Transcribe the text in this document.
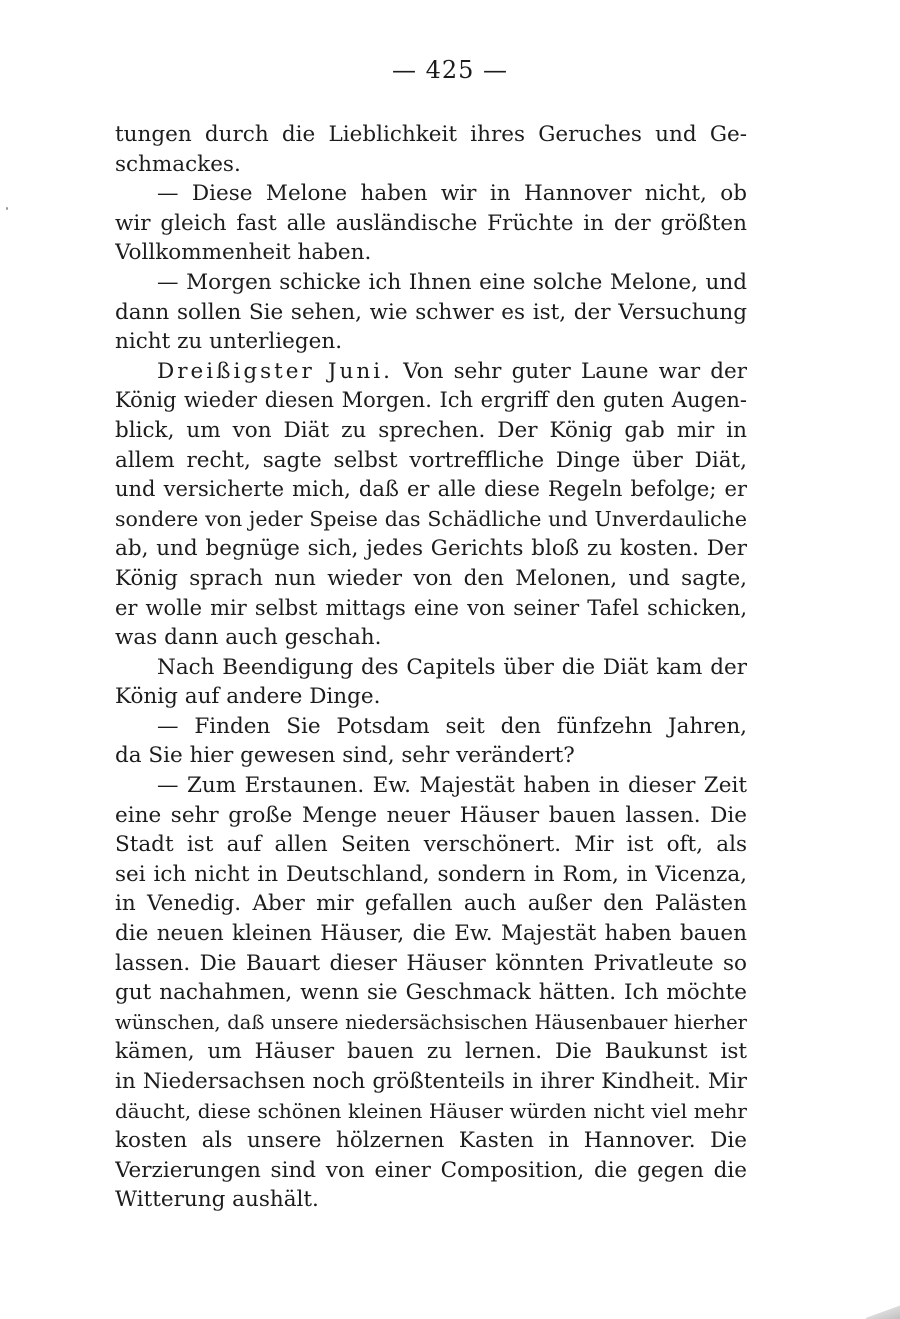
— 425 —
tungen durch die Lieblichkeit ihres Geruches und Ge-
schmackes.
— Diese Melone haben wir in Hannover nicht, ob
wir gleich fast alle ausländische Früchte in der größten
Vollkommenheit haben.
— Morgen schicke ich Ihnen eine solche Melone, und
dann sollen Sie sehen, wie schwer es ist, der Versuchung
nicht zu unterliegen.
Dreißigster Juni. Von sehr guter Laune war der
König wieder diesen Morgen. Ich ergriff den guten Augen-
blick, um von Diät zu sprechen. Der König gab mir in
allem recht, sagte selbst vortreffliche Dinge über Diät,
und versicherte mich, daß er alle diese Regeln befolge; er
sondere von jeder Speise das Schädliche und Unverdauliche
ab, und begnüge sich, jedes Gerichts bloß zu kosten. Der
König sprach nun wieder von den Melonen, und sagte,
er wolle mir selbst mittags eine von seiner Tafel schicken,
was dann auch geschah.
Nach Beendigung des Capitels über die Diät kam der
König auf andere Dinge.
— Finden Sie Potsdam seit den fünfzehn Jahren,
da Sie hier gewesen sind, sehr verändert?
— Zum Erstaunen. Ew. Majestät haben in dieser Zeit
eine sehr große Menge neuer Häuser bauen lassen. Die
Stadt ist auf allen Seiten verschönert. Mir ist oft, als
sei ich nicht in Deutschland, sondern in Rom, in Vicenza,
in Venedig. Aber mir gefallen auch außer den Palästen
die neuen kleinen Häuser, die Ew. Majestät haben bauen
lassen. Die Bauart dieser Häuser könnten Privatleute so
gut nachahmen, wenn sie Geschmack hätten. Ich möchte
wünschen, daß unsere niedersächsischen Häusenbauer hierher
kämen, um Häuser bauen zu lernen. Die Baukunst ist
in Niedersachsen noch größtenteils in ihrer Kindheit. Mir
däucht, diese schönen kleinen Häuser würden nicht viel mehr
kosten als unsere hölzernen Kasten in Hannover. Die
Verzierungen sind von einer Composition, die gegen die
Witterung aushält.
